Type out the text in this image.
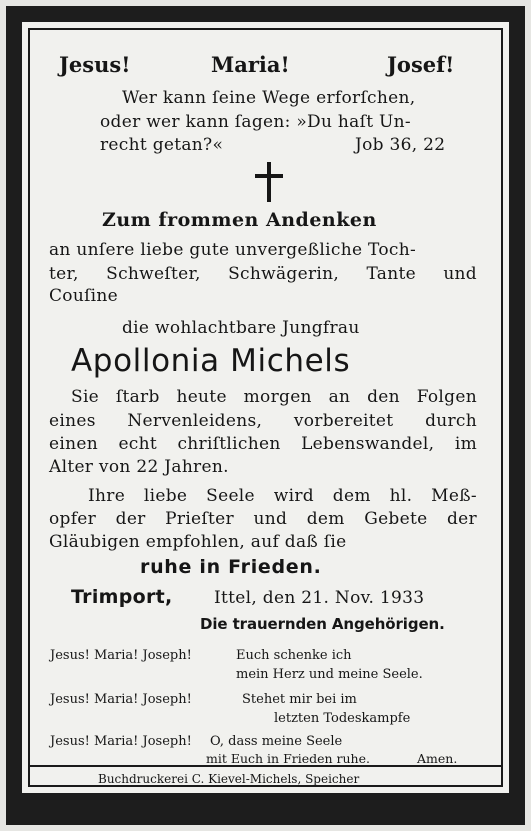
Jesus!	Maria!	Josef!
Wer kann ſeine Wege erforſchen,
oder wer kann ſagen: »Du haſt Un-
recht getan?«	Job 36, 22
Zum frommen Andenken
an unſere liebe gute unvergeßliche Toch-
ter, Schweſter, Schwägerin, Tante und
Couſine
die wohlachtbare Jungfrau
Apollonia Michels
Sie ſtarb heute morgen an den Folgen
eines Nervenleidens, vorbereitet durch
einen echt chriſtlichen Lebenswandel, im
Alter von 22 Jahren.
Ihre liebe Seele wird dem hl. Meß-
opfer der Prieſter und dem Gebete der
Gläubigen empfohlen, auf daß ſie
ruhe in Frieden.
Trimport, Ittel, den 21. Nov. 1933
Die trauernden Angehörigen.
Jesus! Maria! Joseph!	Euch schenke ich
mein Herz und meine Seele.
Jesus! Maria! Joseph!	Stehet mir bei im
letzten Todeskampfe
Jesus! Maria! Joseph! O, dass meine Seele
mit Euch in Frieden ruhe.	Amen.
Buchdruckerei C. Kievel-Michels, Speicher
